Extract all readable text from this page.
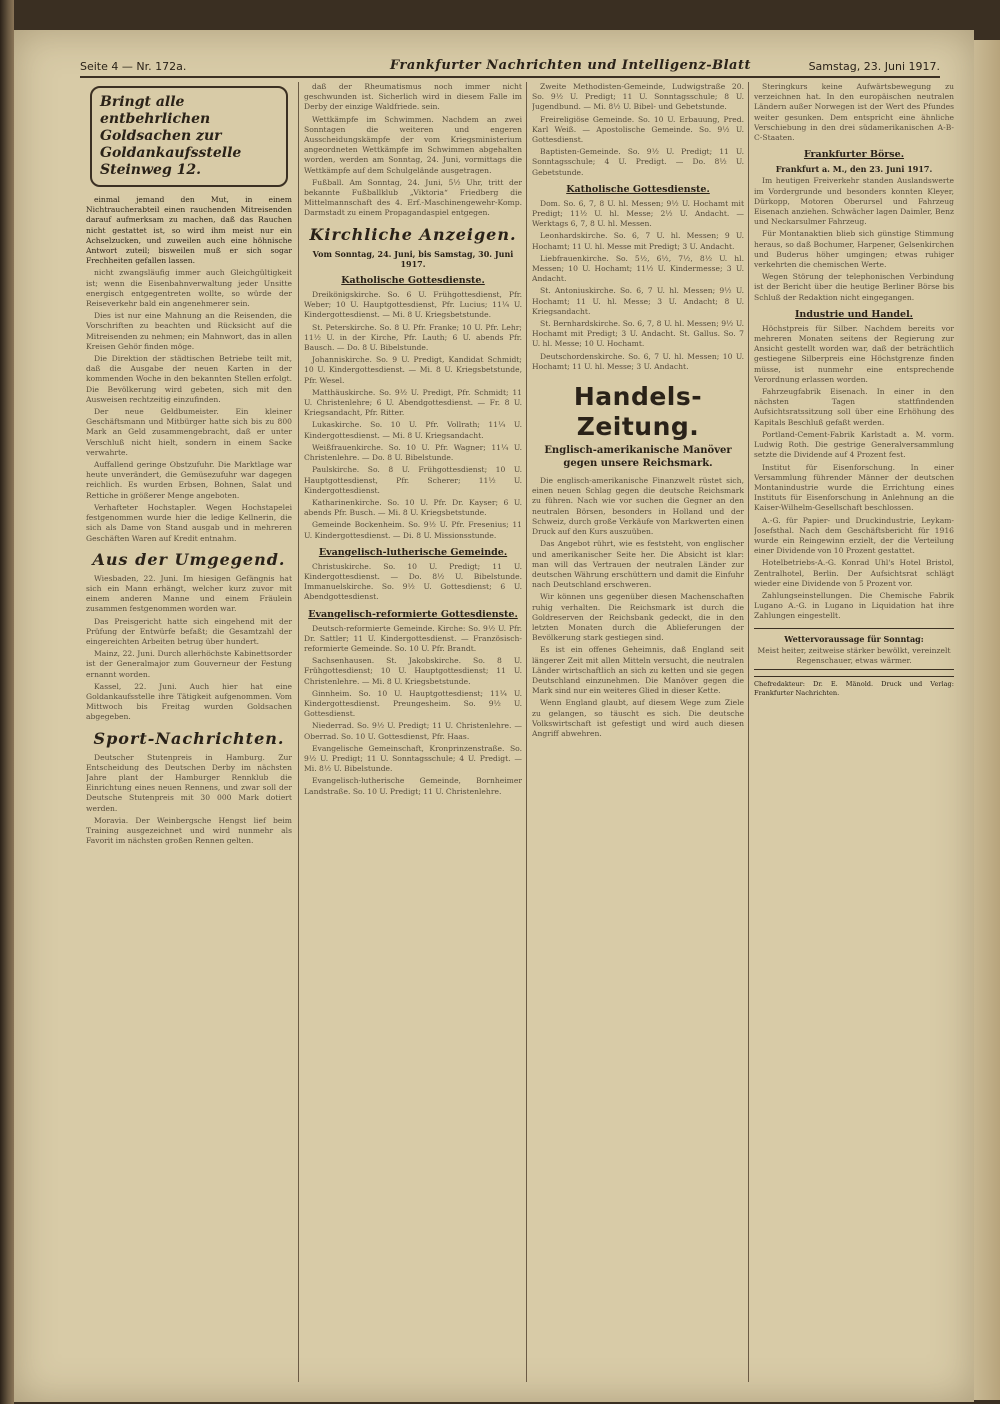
Seite 4 — Nr. 172a.	Frankfurter Nachrichten und Intelligenz-Blatt	Samstag, 23. Juni 1917.
Bringt alle entbehrlichen Goldsachen zur Goldankaufsstelle Steinweg 12.

einmal jemand den Mut, in einem Nichtraucherabteil einen rauchenden Mitreisenden darauf aufmerksam zu machen, daß das Rauchen nicht gestattet ist, so wird ihm meist nur ein Achselzucken, und zuweilen auch eine höhnische Antwort zuteil; bisweilen muß er sich sogar Frechheiten gefallen lassen.

nicht zwangsläufig immer auch Gleichgültigkeit ist; wenn die Eisenbahnverwaltung jeder Unsitte energisch entgegentreten wollte, so würde der Reiseverkehr bald ein angenehmerer sein.

Dies ist nur eine Mahnung an die Reisenden, die Vorschriften zu beachten und Rücksicht auf die Mitreisenden zu nehmen; ein Mahnwort, das in allen Kreisen Gehör finden möge.

Die Direktion der städtischen Betriebe teilt mit, daß die Ausgabe der neuen Karten in der kommenden Woche in den bekannten Stellen erfolgt. Die Bevölkerung wird gebeten, sich mit den Ausweisen rechtzeitig einzufinden.

Der neue Geldbumeister. Ein kleiner Geschäftsmann und Mitbürger hatte sich bis zu 800 Mark an Geld zusammengebracht, daß er unter Verschluß nicht hielt, sondern in einem Sacke verwahrte.

Auffallend geringe Obstzufuhr. Die Marktlage war heute unverändert, die Gemüsezufuhr war dagegen reichlich. Es wurden Erbsen, Bohnen, Salat und Rettiche in größerer Menge angeboten.

Verhafteter Hochstapler. Wegen Hochstapelei festgenommen wurde hier die ledige Kellnerin, die sich als Dame von Stand ausgab und in mehreren Geschäften Waren auf Kredit entnahm.

Aus der Umgegend.

Wiesbaden, 22. Juni. Im hiesigen Gefängnis hat sich ein Mann erhängt, welcher kurz zuvor mit einem anderen Manne und einem Fräulein zusammen festgenommen worden war.

Das Preisgericht hatte sich eingehend mit der Prüfung der Entwürfe befaßt; die Gesamtzahl der eingereichten Arbeiten betrug über hundert.

Mainz, 22. Juni. Durch allerhöchste Kabinettsorder ist der Generalmajor zum Gouverneur der Festung ernannt worden.

Kassel, 22. Juni. Auch hier hat eine Goldankaufsstelle ihre Tätigkeit aufgenommen. Vom Mittwoch bis Freitag wurden Goldsachen abgegeben.

Sport-Nachrichten.

Deutscher Stutenpreis in Hamburg. Zur Entscheidung des Deutschen Derby im nächsten Jahre plant der Hamburger Rennklub die Einrichtung eines neuen Rennens, und zwar soll der Deutsche Stutenpreis mit 30 000 Mark dotiert werden.

Moravia. Der Weinbergsche Hengst lief beim Training ausgezeichnet und wird nunmehr als Favorit im nächsten großen Rennen gelten.

daß der Rheumatismus noch immer nicht geschwunden ist. Sicherlich wird in diesem Falle im Derby der einzige Waldfriede. sein.

Wettkämpfe im Schwimmen. Nachdem an zwei Sonntagen die weiteren und engeren Ausscheidungskämpfe der vom Kriegsministerium angeordneten Wettkämpfe im Schwimmen abgehalten worden, werden am Sonntag, 24. Juni, vormittags die Wettkämpfe auf dem Schulgelände ausgetragen.

Fußball. Am Sonntag, 24. Juni, 5½ Uhr, tritt der bekannte Fußballklub „Viktoria“ Friedberg die Mittelmannschaft des 4. Erf.-Maschinengewehr-Komp. Darmstadt zu einem Propagandaspiel entgegen.

Kirchliche Anzeigen.
Vom Sonntag, 24. Juni, bis Samstag, 30. Juni 1917.
Katholische Gottesdienste.

Dreikönigskirche. So. 6 U. Frühgottesdienst, Pfr. Weber; 10 U. Hauptgottesdienst, Pfr. Lucius; 11¼ U. Kindergottesdienst. — Mi. 8 U. Kriegsbetstunde.

St. Peterskirche. So. 8 U. Pfr. Franke; 10 U. Pfr. Lehr; 11½ U. in der Kirche, Pfr. Lauth; 6 U. abends Pfr. Bausch. — Do. 8 U. Bibelstunde.

Johanniskirche. So. 9 U. Predigt, Kandidat Schmidt; 10 U. Kindergottesdienst. — Mi. 8 U. Kriegsbetstunde, Pfr. Wesel.

Matthäuskirche. So. 9½ U. Predigt, Pfr. Schmidt; 11 U. Christenlehre; 6 U. Abendgottesdienst. — Fr. 8 U. Kriegsandacht, Pfr. Ritter.

Lukaskirche. So. 10 U. Pfr. Vollrath; 11¼ U. Kindergottesdienst. — Mi. 8 U. Kriegsandacht.

Weißfrauenkirche. So. 10 U. Pfr. Wagner; 11¼ U. Christenlehre. — Do. 8 U. Bibelstunde.

Paulskirche. So. 8 U. Frühgottesdienst; 10 U. Hauptgottesdienst, Pfr. Scherer; 11½ U. Kindergottesdienst.

Katharinenkirche. So. 10 U. Pfr. Dr. Kayser; 6 U. abends Pfr. Busch. — Mi. 8 U. Kriegsbetstunde.

Gemeinde Bockenheim. So. 9½ U. Pfr. Fresenius; 11 U. Kindergottesdienst. — Di. 8 U. Missionsstunde.

Evangelisch-lutherische Gemeinde.

Christuskirche. So. 10 U. Predigt; 11 U. Kindergottesdienst. — Do. 8½ U. Bibelstunde. Immanuelskirche. So. 9½ U. Gottesdienst; 6 U. Abendgottesdienst.

Evangelisch-reformierte Gottesdienste.

Deutsch-reformierte Gemeinde. Kirche: So. 9½ U. Pfr. Dr. Sattler; 11 U. Kindergottesdienst. — Französisch-reformierte Gemeinde. So. 10 U. Pfr. Brandt.

Sachsenhausen. St. Jakobskirche. So. 8 U. Frühgottesdienst; 10 U. Hauptgottesdienst; 11 U. Christenlehre. — Mi. 8 U. Kriegsbetstunde.

Ginnheim. So. 10 U. Hauptgottesdienst; 11¼ U. Kindergottesdienst. Preungesheim. So. 9½ U. Gottesdienst.

Niederrad. So. 9½ U. Predigt; 11 U. Christenlehre. — Oberrad. So. 10 U. Gottesdienst, Pfr. Haas.

Evangelische Gemeinschaft, Kronprinzenstraße. So. 9½ U. Predigt; 11 U. Sonntagsschule; 4 U. Predigt. — Mi. 8½ U. Bibelstunde.

Evangelisch-lutherische Gemeinde, Bornheimer Landstraße. So. 10 U. Predigt; 11 U. Christenlehre.

Zweite Methodisten-Gemeinde, Ludwigstraße 20. So. 9½ U. Predigt; 11 U. Sonntagsschule; 8 U. Jugendbund. — Mi. 8½ U. Bibel- und Gebetstunde.

Freireligiöse Gemeinde. So. 10 U. Erbauung, Pred. Karl Weiß. — Apostolische Gemeinde. So. 9½ U. Gottesdienst.

Baptisten-Gemeinde. So. 9½ U. Predigt; 11 U. Sonntagsschule; 4 U. Predigt. — Do. 8½ U. Gebetstunde.

Katholische Gottesdienste.

Dom. So. 6, 7, 8 U. hl. Messen; 9½ U. Hochamt mit Predigt; 11½ U. hl. Messe; 2½ U. Andacht. — Werktags 6, 7, 8 U. hl. Messen.

Leonhardskirche. So. 6, 7 U. hl. Messen; 9 U. Hochamt; 11 U. hl. Messe mit Predigt; 3 U. Andacht.

Liebfrauenkirche. So. 5½, 6½, 7½, 8½ U. hl. Messen; 10 U. Hochamt; 11½ U. Kindermesse; 3 U. Andacht.

St. Antoniuskirche. So. 6, 7 U. hl. Messen; 9½ U. Hochamt; 11 U. hl. Messe; 3 U. Andacht; 8 U. Kriegsandacht.

St. Bernhardskirche. So. 6, 7, 8 U. hl. Messen; 9½ U. Hochamt mit Predigt; 3 U. Andacht. St. Gallus. So. 7 U. hl. Messe; 10 U. Hochamt.

Deutschordenskirche. So. 6, 7 U. hl. Messen; 10 U. Hochamt; 11 U. hl. Messe; 3 U. Andacht.

Handels-Zeitung.
Englisch-amerikanische Manöver gegen unsere Reichsmark.

Die englisch-amerikanische Finanzwelt rüstet sich, einen neuen Schlag gegen die deutsche Reichsmark zu führen. Nach wie vor suchen die Gegner an den neutralen Börsen, besonders in Holland und der Schweiz, durch große Verkäufe von Markwerten einen Druck auf den Kurs auszuüben.

Das Angebot rührt, wie es feststeht, von englischer und amerikanischer Seite her. Die Absicht ist klar: man will das Vertrauen der neutralen Länder zur deutschen Währung erschüttern und damit die Einfuhr nach Deutschland erschweren.

Wir können uns gegenüber diesen Machenschaften ruhig verhalten. Die Reichsmark ist durch die Goldreserven der Reichsbank gedeckt, die in den letzten Monaten durch die Ablieferungen der Bevölkerung stark gestiegen sind.

Es ist ein offenes Geheimnis, daß England seit längerer Zeit mit allen Mitteln versucht, die neutralen Länder wirtschaftlich an sich zu ketten und sie gegen Deutschland einzunehmen. Die Manöver gegen die Mark sind nur ein weiteres Glied in dieser Kette.

Wenn England glaubt, auf diesem Wege zum Ziele zu gelangen, so täuscht es sich. Die deutsche Volkswirtschaft ist gefestigt und wird auch diesen Angriff abwehren.

Steringkurs keine Aufwärtsbewegung zu verzeichnen hat. In den europäischen neutralen Ländern außer Norwegen ist der Wert des Pfundes weiter gesunken. Dem entspricht eine ähnliche Verschiebung in den drei südamerikanischen A-B-C-Staaten.

Frankfurter Börse.
Frankfurt a. M., den 23. Juni 1917.

Im heutigen Freiverkehr standen Auslandswerte im Vordergrunde und besonders konnten Kleyer, Dürkopp, Motoren Oberursel und Fahrzeug Eisenach anziehen. Schwächer lagen Daimler, Benz und Neckarsulmer Fahrzeug.

Für Montanaktien blieb sich günstige Stimmung heraus, so daß Bochumer, Harpener, Gelsenkirchen und Buderus höher umgingen; etwas ruhiger verkehrten die chemischen Werte.

Wegen Störung der telephonischen Verbindung ist der Bericht über die heutige Berliner Börse bis Schluß der Redaktion nicht eingegangen.

Industrie und Handel.

Höchstpreis für Silber. Nachdem bereits vor mehreren Monaten seitens der Regierung zur Ansicht gestellt worden war, daß der beträchtlich gestiegene Silberpreis eine Höchstgrenze finden müsse, ist nunmehr eine entsprechende Verordnung erlassen worden.

Fahrzeugfabrik Eisenach. In einer in den nächsten Tagen stattfindenden Aufsichtsratssitzung soll über eine Erhöhung des Kapitals Beschluß gefaßt werden.

Portland-Cement-Fabrik Karlstadt a. M. vorm. Ludwig Roth. Die gestrige Generalversammlung setzte die Dividende auf 4 Prozent fest.

Institut für Eisenforschung. In einer Versammlung führender Männer der deutschen Montanindustrie wurde die Errichtung eines Instituts für Eisenforschung in Anlehnung an die Kaiser-Wilhelm-Gesellschaft beschlossen.

A.-G. für Papier- und Druckindustrie, Leykam-Josefsthal. Nach dem Geschäftsbericht für 1916 wurde ein Reingewinn erzielt, der die Verteilung einer Dividende von 10 Prozent gestattet.

Hotelbetriebs-A.-G. Konrad Uhl's Hotel Bristol, Zentralhotel, Berlin. Der Aufsichtsrat schlägt wieder eine Dividende von 5 Prozent vor.

Zahlungseinstellungen. Die Chemische Fabrik Lugano A.-G. in Lugano in Liquidation hat ihre Zahlungen eingestellt.

Wettervoraussage für Sonntag:
Meist heiter, zeitweise stärker bewölkt, vereinzelt Regenschauer, etwas wärmer.
Chefredakteur: Dr. E. Mänold. Druck und Verlag: Frankfurter Nachrichten.
